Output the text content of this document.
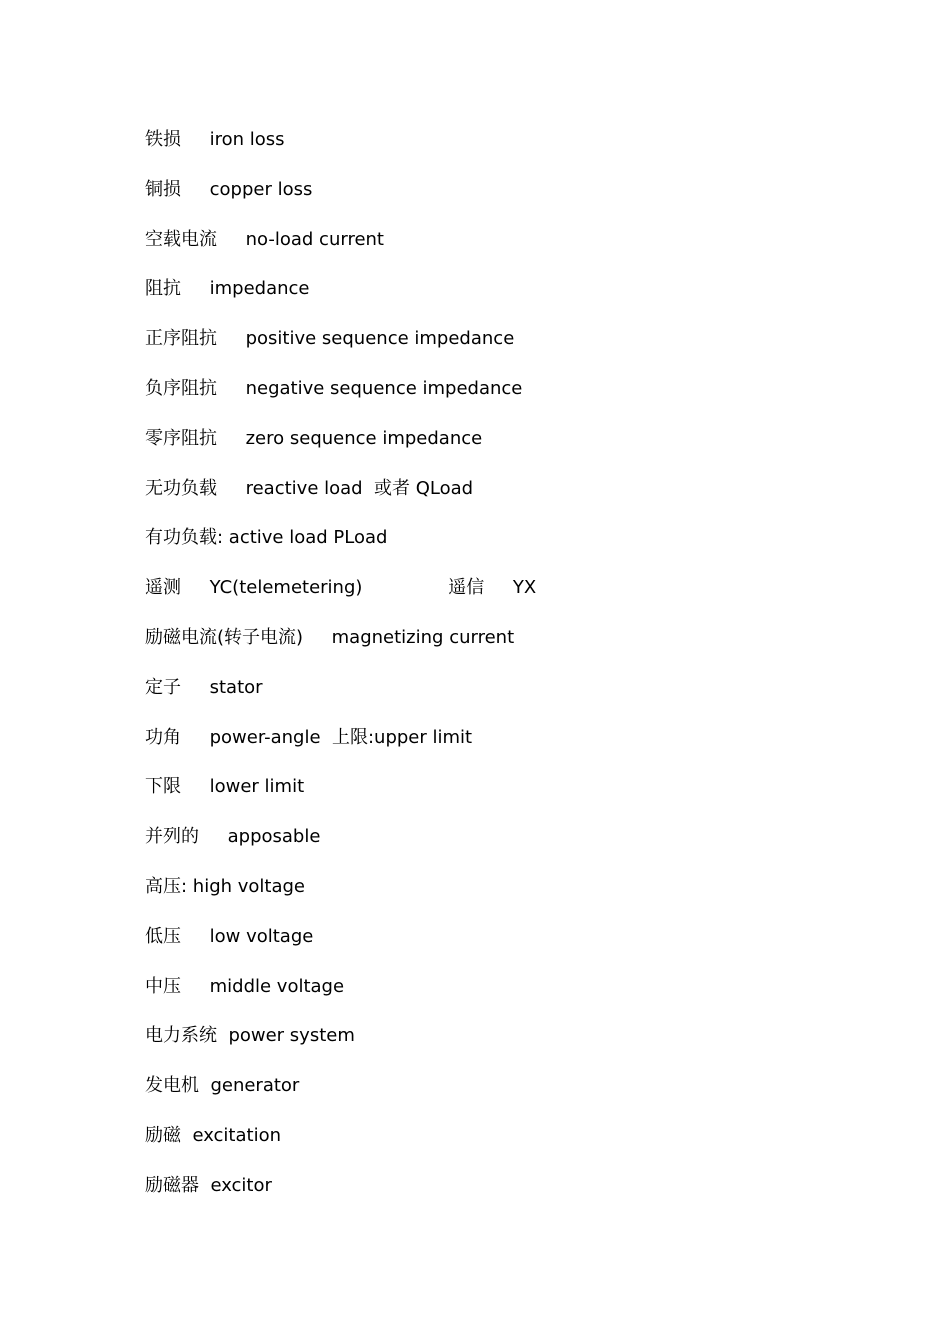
铁损     iron loss
铜损     copper loss
空载电流     no-load current
阻抗     impedance
正序阻抗     positive sequence impedance
负序阻抗     negative sequence impedance
零序阻抗     zero sequence impedance
无功负载     reactive load  或者 QLoad
有功负载: active load PLoad
遥测     YC(telemetering)               遥信     YX
励磁电流(转子电流)     magnetizing current
定子     stator
功角     power-angle  上限:upper limit
下限     lower limit
并列的     apposable
高压: high voltage
低压     low voltage
中压     middle voltage
电力系统  power system
发电机  generator
励磁  excitation
励磁器  excitor
